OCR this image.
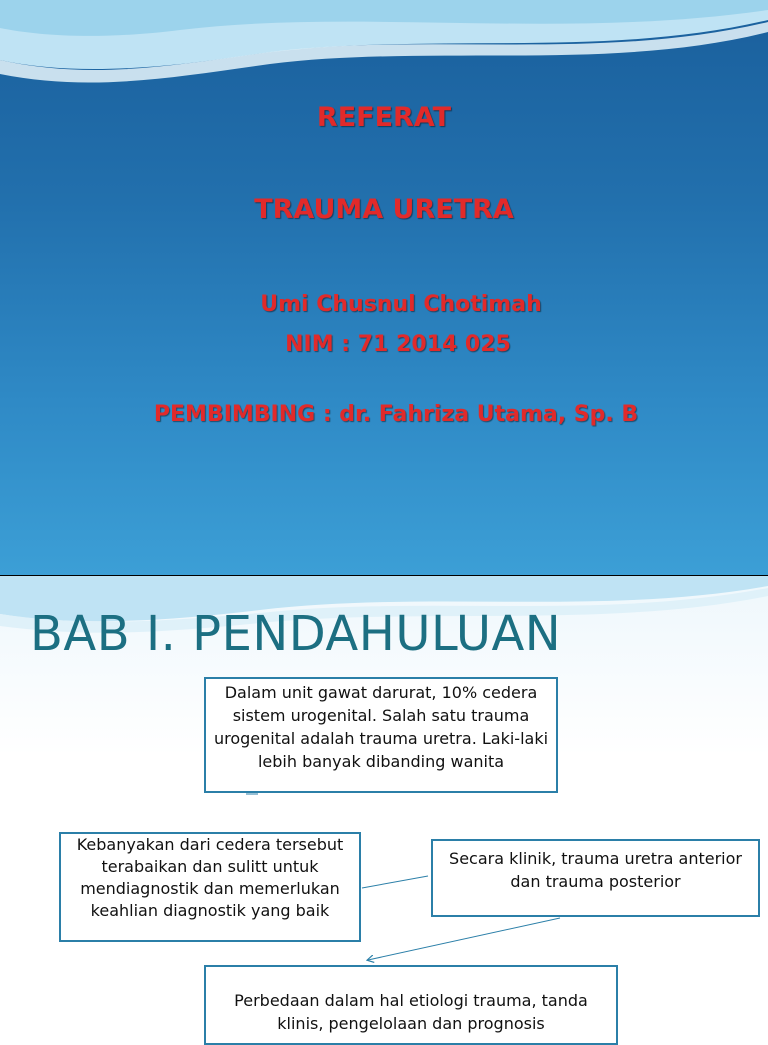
REFERAT
TRAUMA URETRA
Umi Chusnul Chotimah
NIM : 71 2014 025
PEMBIMBING : dr. Fahriza Utama, Sp. B
BAB I. PENDAHULUAN
Dalam unit gawat darurat, 10% cedera sistem urogenital. Salah satu trauma urogenital adalah trauma uretra. Laki-laki lebih banyak dibanding wanita
Kebanyakan dari cedera tersebut terabaikan dan sulitt untuk mendiagnostik dan memerlukan keahlian diagnostik yang baik
Secara klinik, trauma uretra anterior dan trauma posterior
Perbedaan dalam hal etiologi trauma, tanda klinis, pengelolaan dan prognosis
